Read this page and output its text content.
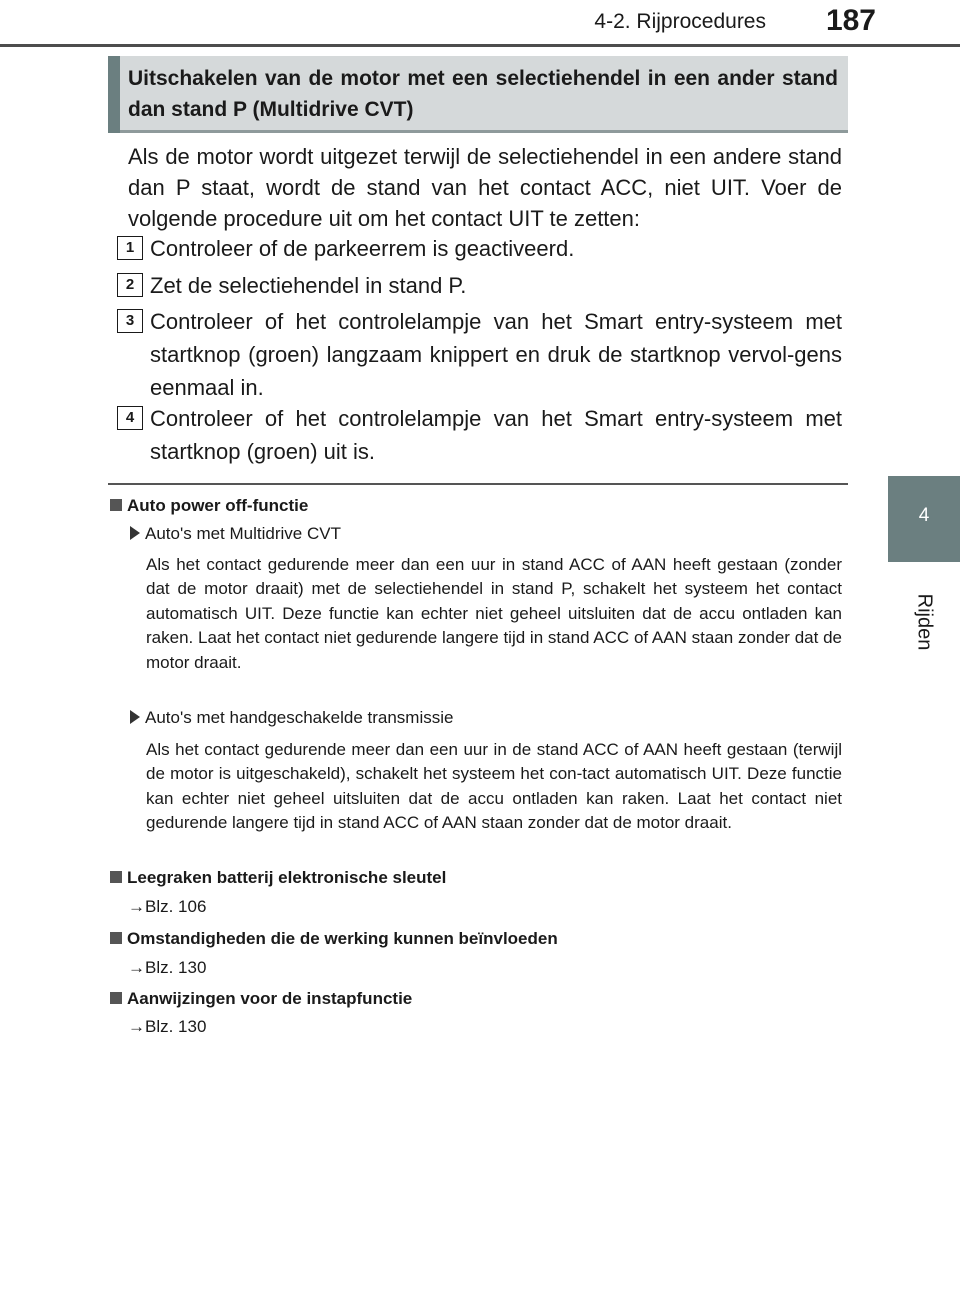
4-2. Rijprocedures	187
4
Rijden
Uitschakelen van de motor met een selectiehendel in een ander stand dan stand P (Multidrive CVT)
Als de motor wordt uitgezet terwijl de selectiehendel in een andere stand dan P staat, wordt de stand van het contact ACC, niet UIT. Voer de volgende procedure uit om het contact UIT te zetten:
1 Controleer of de parkeerrem is geactiveerd.
2 Zet de selectiehendel in stand P.
3 Controleer of het controlelampje van het Smart entry-systeem met startknop (groen) langzaam knippert en druk de startknop vervol-gens eenmaal in.
4 Controleer of het controlelampje van het Smart entry-systeem met startknop (groen) uit is.
Auto power off-functie
Auto's met Multidrive CVT
Als het contact gedurende meer dan een uur in stand ACC of AAN heeft gestaan (zonder dat de motor draait) met de selectiehendel in stand P, schakelt het systeem het contact automatisch UIT. Deze functie kan echter niet geheel uitsluiten dat de accu ontladen kan raken. Laat het contact niet gedurende langere tijd in stand ACC of AAN staan zonder dat de motor draait.
Auto's met handgeschakelde transmissie
Als het contact gedurende meer dan een uur in de stand ACC of AAN heeft gestaan (terwijl de motor is uitgeschakeld), schakelt het systeem het con-tact automatisch UIT. Deze functie kan echter niet geheel uitsluiten dat de accu ontladen kan raken. Laat het contact niet gedurende langere tijd in stand ACC of AAN staan zonder dat de motor draait.
Leegraken batterij elektronische sleutel
→Blz. 106
Omstandigheden die de werking kunnen beïnvloeden
→Blz. 130
Aanwijzingen voor de instapfunctie
→Blz. 130
